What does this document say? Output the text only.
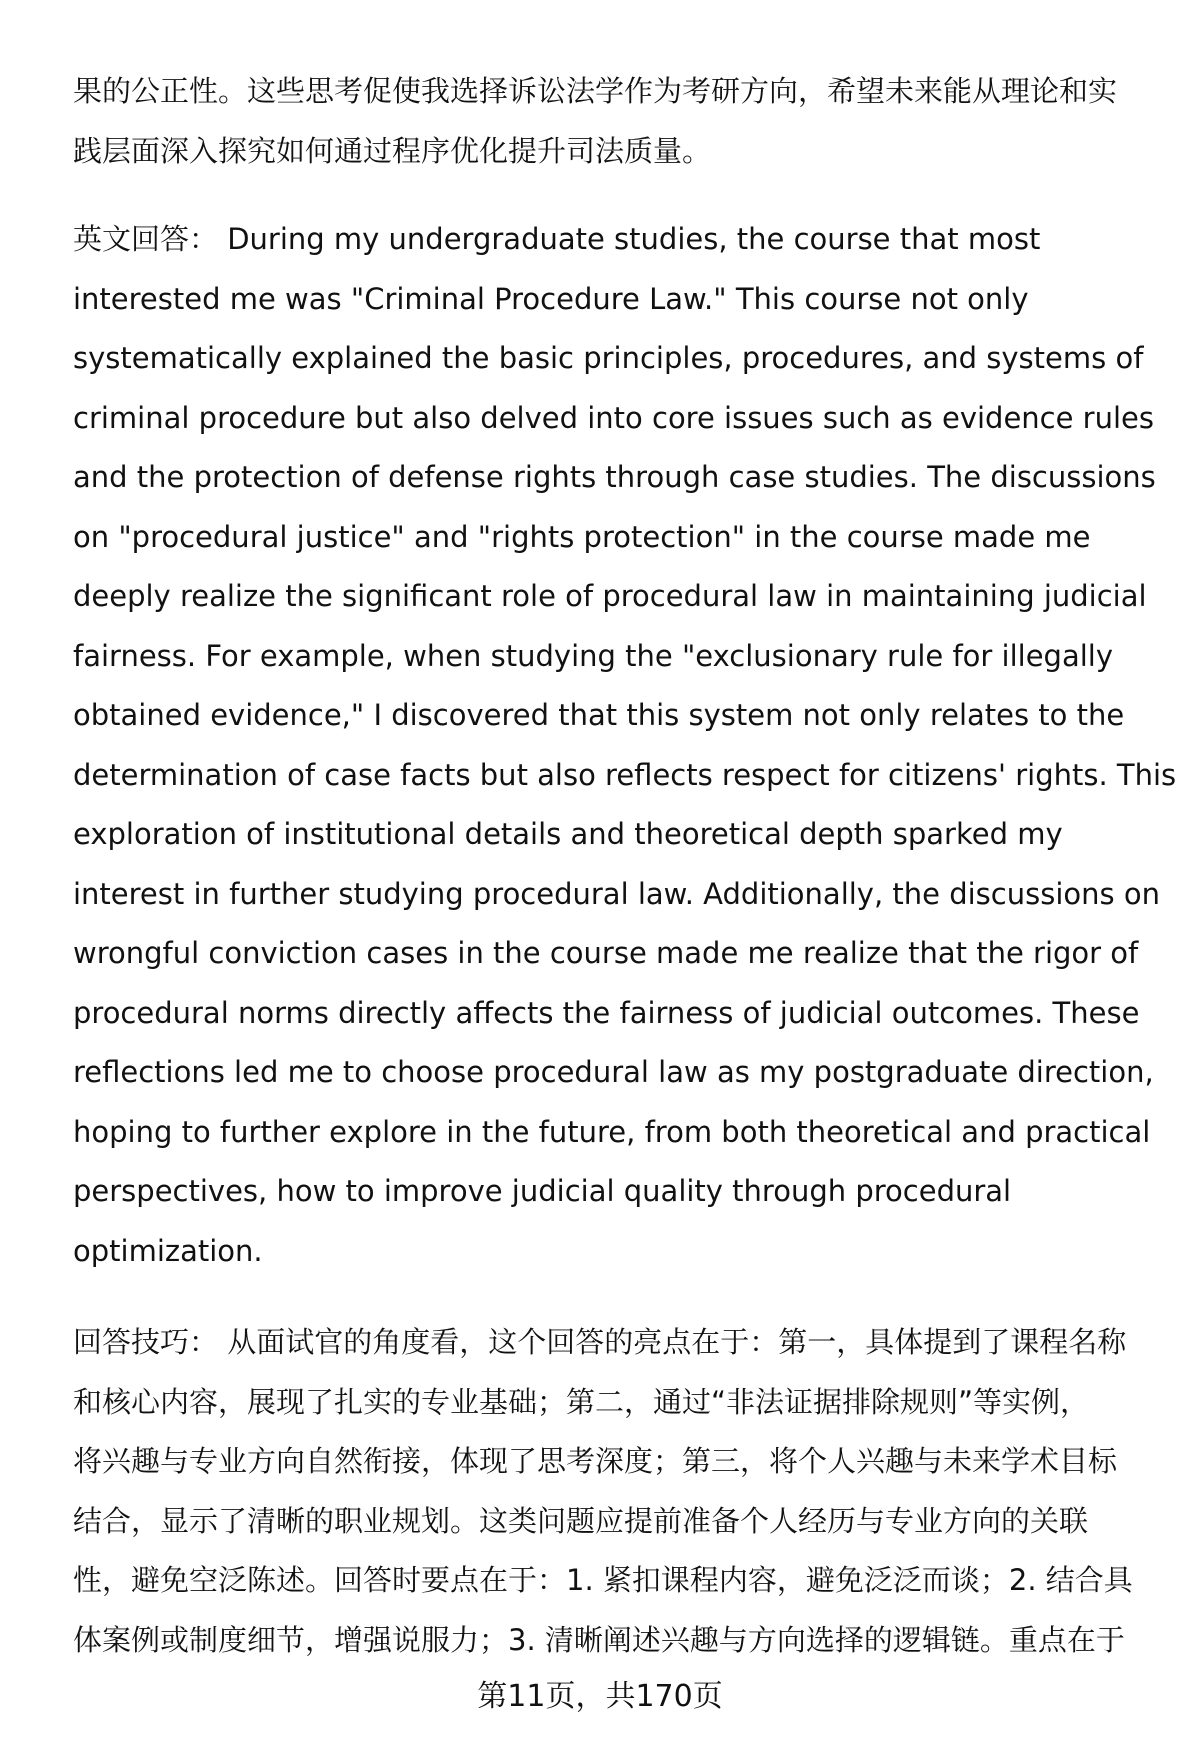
果的公正性。这些思考促使我选择诉讼法学作为考研方向，希望未来能从理论和实
践层面深入探究如何通过程序优化提升司法质量。
英文回答： During my undergraduate studies, the course that most
interested me was "Criminal Procedure Law." This course not only
systematically explained the basic principles, procedures, and systems of
criminal procedure but also delved into core issues such as evidence rules
and the protection of defense rights through case studies. The discussions
on "procedural justice" and "rights protection" in the course made me
deeply realize the significant role of procedural law in maintaining judicial
fairness. For example, when studying the "exclusionary rule for illegally
obtained evidence," I discovered that this system not only relates to the
determination of case facts but also reflects respect for citizens' rights. This
exploration of institutional details and theoretical depth sparked my
interest in further studying procedural law. Additionally, the discussions on
wrongful conviction cases in the course made me realize that the rigor of
procedural norms directly affects the fairness of judicial outcomes. These
reflections led me to choose procedural law as my postgraduate direction,
hoping to further explore in the future, from both theoretical and practical
perspectives, how to improve judicial quality through procedural
optimization.
回答技巧： 从面试官的角度看，这个回答的亮点在于：第一，具体提到了课程名称
和核心内容，展现了扎实的专业基础；第二，通过“非法证据排除规则”等实例，
将兴趣与专业方向自然衔接，体现了思考深度；第三，将个人兴趣与未来学术目标
结合，显示了清晰的职业规划。这类问题应提前准备个人经历与专业方向的关联
性，避免空泛陈述。回答时要点在于：1. 紧扣课程内容，避免泛泛而谈；2. 结合具
体案例或制度细节，增强说服力；3. 清晰阐述兴趣与方向选择的逻辑链。重点在于
第11页，共170页
